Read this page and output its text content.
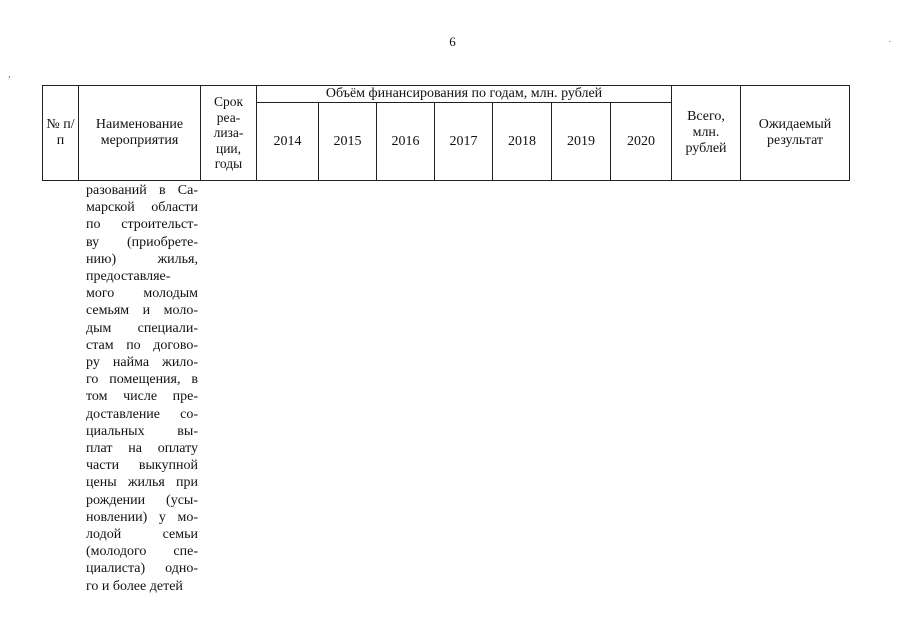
6
,
·
№ п/п	Наименование мероприятия	Срок реа-лиза-ции, годы	Объём финансирования по годам, млн. рублей							Всего, млн. рублей	Ожидаемый результат
			2014	2015	2016	2017	2018	2019	2020		
разований в Са-
марской области
по строительст-
ву (приобрете-
нию) жилья,
предоставляе-
мого молодым
семьям и моло-
дым специали-
стам по догово-
ру найма жило-
го помещения, в
том числе пре-
доставление со-
циальных вы-
плат на оплату
части выкупной
цены жилья при
рождении (усы-
новлении) у мо-
лодой семьи
(молодого спе-
циалиста) одно-
го и более детей
